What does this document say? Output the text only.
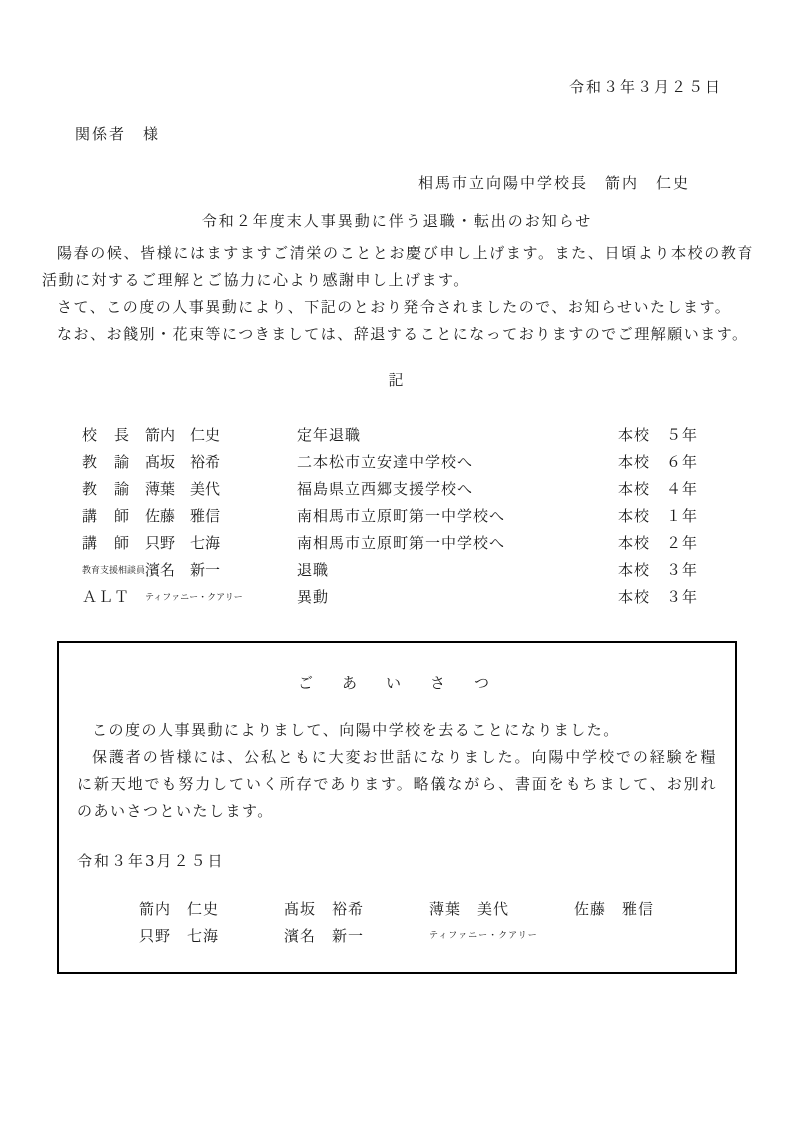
令和３年３月２５日
関係者　様
相馬市立向陽中学校長　箭内　仁史
令和２年度末人事異動に伴う退職・転出のお知らせ

陽春の候、皆様にはますますご清栄のこととお慶び申し上げます。また、日頃より本校の教育活動に対するご理解とご協力に心より感謝申し上げます。

さて、この度の人事異動により、下記のとおり発令されましたので、お知らせいたします。

なお、お餞別・花束等につきましては、辞退することになっておりますのでご理解願います。

記
校　長 箭内　仁史	定年退職	本校　５年
教　諭 髙坂　裕希	二本松市立安達中学校へ	本校　６年
教　諭 薄葉　美代	福島県立西郷支援学校へ	本校　４年
講　師 佐藤　雅信	南相馬市立原町第一中学校へ	本校　１年
講　師 只野　七海	南相馬市立原町第一中学校へ	本校　２年
教育支援相談員 濱名　新一	退職	本校　３年
ＡＬＴ	ティファニー・クアリー	異動	本校　３年
ご　あ　い　さ　つ

この度の人事異動によりまして、向陽中学校を去ることになりました。

保護者の皆様には、公私ともに大変お世話になりました。向陽中学校での経験を糧に新天地でも努力していく所存であります。略儀ながら、書面をもちまして、お別れのあいさつといたします。

令和３年3月２５日
箭内　仁史	髙坂　裕希	薄葉　美代	佐藤　雅信
只野　七海	濱名　新一	ティファニー・クアリー
